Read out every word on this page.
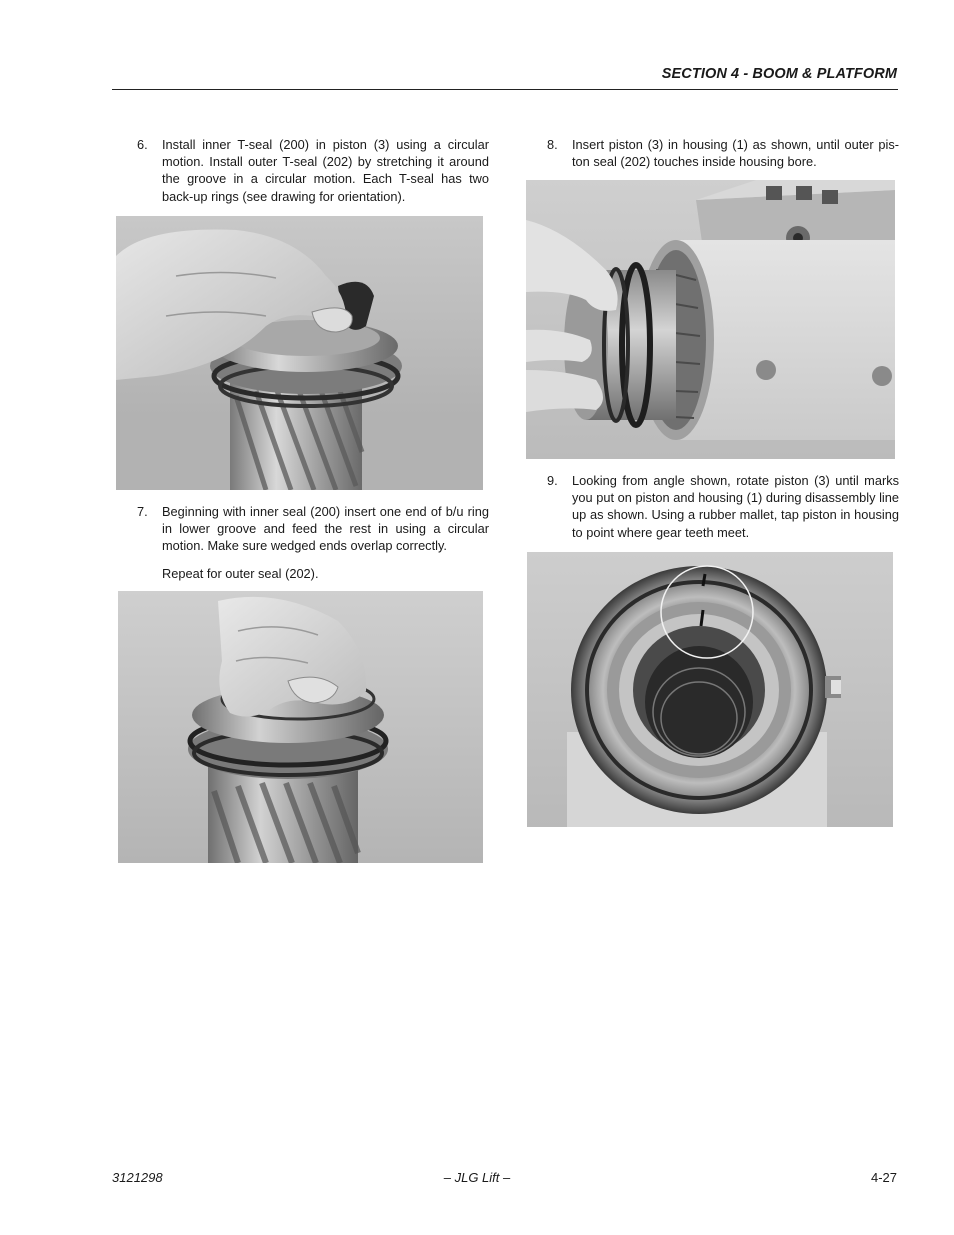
SECTION 4 - BOOM & PLATFORM
6. Install inner T-seal (200) in piston (3) using a circular motion. Install outer T-seal (202) by stretching it around the groove in a circular motion. Each T-seal has two back-up rings (see drawing for orientation).
7. Beginning with inner seal (200) insert one end of b/u ring in lower groove and feed the rest in using a circular motion. Make sure wedged ends overlap correctly.
Repeat for outer seal (202).
8. Insert piston (3) in housing (1) as shown, until outer pis-ton seal (202) touches inside housing bore.
9. Looking from angle shown, rotate piston (3) until marks you put on piston and housing (1) during disassembly line up as shown. Using a rubber mallet, tap piston in housing to point where gear teeth meet.
3121298	– JLG Lift –	4-27
